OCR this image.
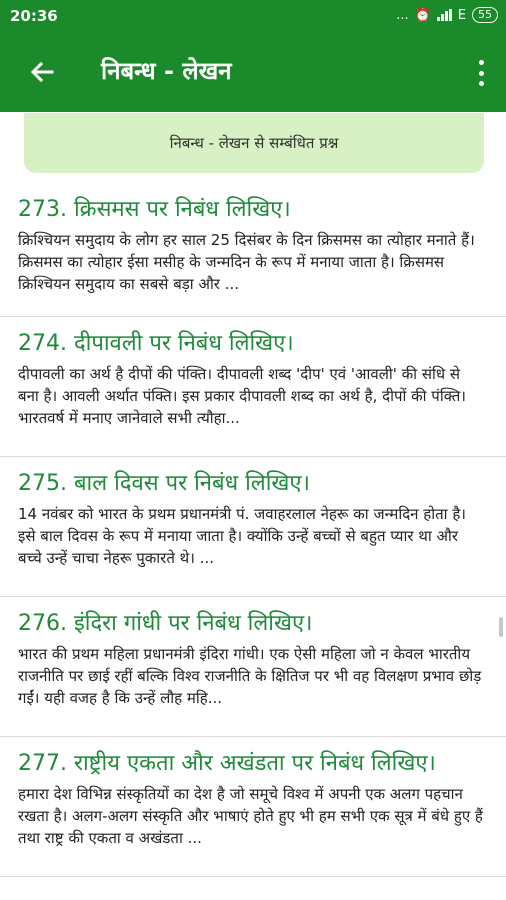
20:36	... ⏰ E	55
निबन्ध - लेखन
निबन्ध - लेखन से सम्बंधित प्रश्न
273. क्रिसमस पर निबंध लिखिए।
क्रिश्चियन समुदाय के लोग हर साल 25 दिसंबर के दिन क्रिसमस का त्योहार मनाते हैं। क्रिसमस का त्योहार ईसा मसीह के जन्मदिन के रूप में मनाया जाता है। क्रिसमस क्रिश्चियन समुदाय का सबसे बड़ा और ...
274. दीपावली पर निबंध लिखिए।
दीपावली का अर्थ है दीपों की पंक्ति। दीपावली शब्द 'दीप' एवं 'आवली' की संधि से बना है। आवली अर्थात पंक्ति। इस प्रकार दीपावली शब्द का अर्थ है, दीपों की पंक्ति। भारतवर्ष में मनाए जानेवाले सभी त्यौहा...
275. बाल दिवस पर निबंध लिखिए।
14 नवंबर को भारत के प्रथम प्रधानमंत्री पं. जवाहरलाल नेहरू का जन्मदिन होता है। इसे बाल दिवस के रूप में मनाया जाता है। क्योंकि उन्हें बच्चों से बहुत प्यार था और बच्चे उन्हें चाचा नेहरू पुकारते थे। ...
276. इंदिरा गांधी पर निबंध लिखिए।
भारत की प्रथम महिला प्रधानमंत्री इंदिरा गांधी। एक ऐसी महिला जो न केवल भारतीय राजनीति पर छाई रहीं बल्कि विश्व राजनीति के क्षितिज पर भी वह विलक्षण प्रभाव छोड़ गईं। यही वजह है कि उन्हें लौह महि...
277. राष्ट्रीय एकता और अखंडता पर निबंध लिखिए।
हमारा देश विभिन्न संस्कृतियों का देश है जो समूचे विश्व में अपनी एक अलग पहचान रखता है। अलग-अलग संस्कृति और भाषाएं होते हुए भी हम सभी एक सूत्र में बंधे हुए हैं तथा राष्ट्र की एकता व अखंडता ...
